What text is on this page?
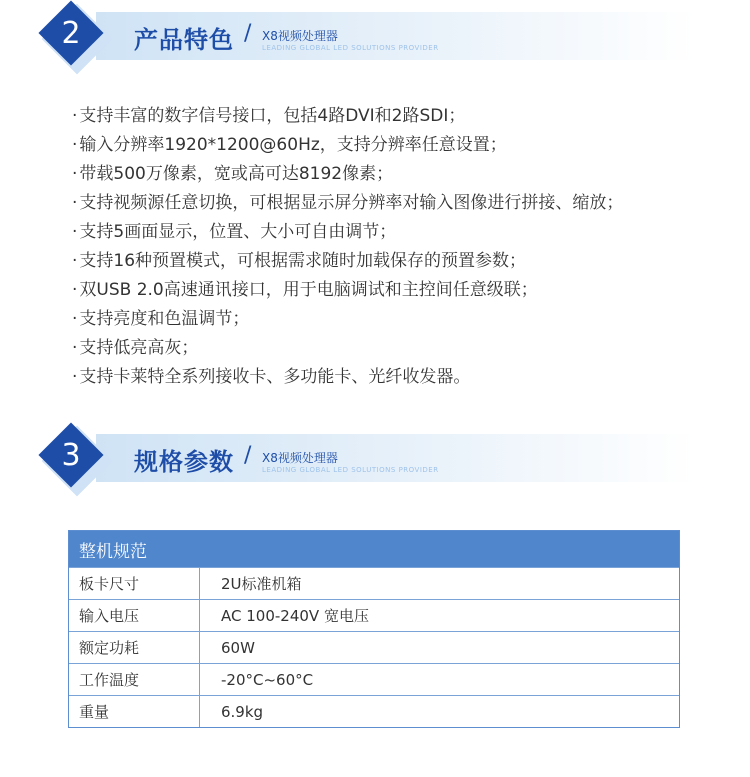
2	产品特色 / X8视频处理器
LEADING GLOBAL LED SOLUTIONS PROVIDER
· 支持丰富的数字信号接口，包括4路DVI和2路SDI；
· 输入分辨率1920*1200@60Hz，支持分辨率任意设置；
· 带载500万像素，宽或高可达8192像素；
· 支持视频源任意切换，可根据显示屏分辨率对输入图像进行拼接、缩放；
· 支持5画面显示，位置、大小可自由调节；
· 支持16种预置模式，可根据需求随时加载保存的预置参数；
· 双USB 2.0高速通讯接口，用于电脑调试和主控间任意级联；
· 支持亮度和色温调节；
· 支持低亮高灰；
· 支持卡莱特全系列接收卡、多功能卡、光纤收发器。
3	规格参数 / X8视频处理器
LEADING GLOBAL LED SOLUTIONS PROVIDER
整机规范
板卡尺寸	2U标准机箱
输入电压	AC 100-240V 宽电压
额定功耗	60W
工作温度	-20°C~60°C
重量	6.9kg
